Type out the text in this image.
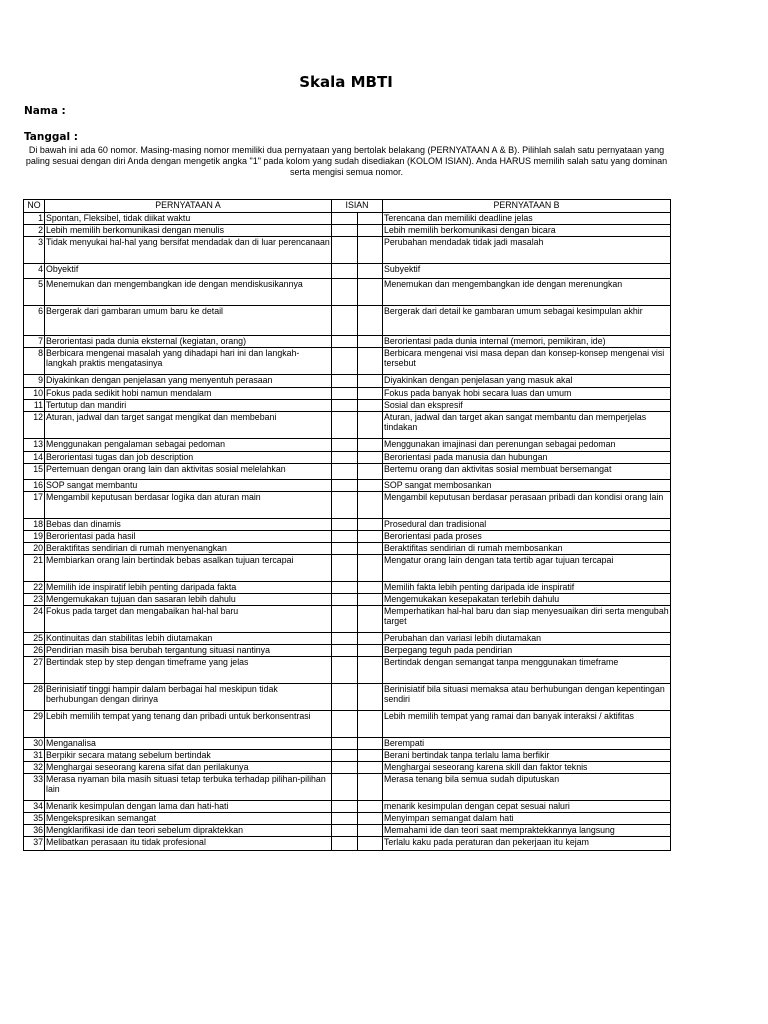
Skala MBTI
Nama :
Tanggal :
Di bawah ini ada 60 nomor. Masing-masing nomor memiliki dua pernyataan yang bertolak belakang (PERNYATAAN A & B). Pilihlah salah satu pernyataan yang paling sesuai dengan diri Anda dengan mengetik angka "1" pada kolom yang sudah disediakan (KOLOM ISIAN). Anda HARUS memilih salah satu yang dominan serta mengisi semua nomor.
NO	PERNYATAAN A	ISIAN		PERNYATAAN B
1	Spontan, Fleksibel, tidak diikat waktu			Terencana dan memiliki deadline jelas
2	Lebih memilih berkomunikasi dengan menulis			Lebih memilih berkomunikasi dengan bicara
3	Tidak menyukai hal-hal yang bersifat mendadak dan di luar perencanaan			Perubahan mendadak tidak jadi masalah
4	Obyektif			Subyektif
5	Menemukan dan mengembangkan ide dengan mendiskusikannya			Menemukan dan mengembangkan ide dengan merenungkan
6	Bergerak dari gambaran umum baru ke detail			Bergerak dari detail ke gambaran umum sebagai kesimpulan akhir
7	Berorientasi pada dunia eksternal (kegiatan, orang)			Berorientasi pada dunia internal (memori, pemikiran, ide)
8	Berbicara mengenai masalah yang dihadapi hari ini dan langkah-langkah praktis mengatasinya			Berbicara mengenai visi masa depan dan konsep-konsep mengenai visi tersebut
9	Diyakinkan dengan penjelasan yang menyentuh perasaan			Diyakinkan dengan penjelasan yang masuk akal
10	Fokus pada sedikit hobi namun mendalam			Fokus pada banyak hobi secara luas dan umum
11	Tertutup dan mandiri			Sosial dan ekspresif
12	Aturan, jadwal dan target sangat mengikat dan membebani			Aturan, jadwal dan target akan sangat membantu dan memperjelas tindakan
13	Menggunakan pengalaman sebagai pedoman			Menggunakan imajinasi dan perenungan sebagai pedoman
14	Berorientasi tugas dan job description			Berorientasi pada manusia dan hubungan
15	Pertemuan dengan orang lain dan aktivitas sosial melelahkan			Bertemu orang dan aktivitas sosial membuat bersemangat
16	SOP sangat membantu			SOP sangat membosankan
17	Mengambil keputusan berdasar logika dan aturan main			Mengambil keputusan berdasar perasaan pribadi dan kondisi orang lain
18	Bebas dan dinamis			Prosedural dan tradisional
19	Berorientasi pada hasil			Berorientasi pada proses
20	Beraktifitas sendirian di rumah menyenangkan			Beraktifitas sendirian di rumah membosankan
21	Membiarkan orang lain bertindak bebas asalkan tujuan tercapai			Mengatur orang lain dengan tata tertib agar tujuan tercapai
22	Memilih ide inspiratif lebih penting daripada fakta			Memilih fakta lebih penting daripada ide inspiratif
23	Mengemukakan tujuan dan sasaran lebih dahulu			Mengemukakan kesepakatan terlebih dahulu
24	Fokus pada target dan mengabaikan hal-hal baru			Memperhatikan hal-hal baru dan siap menyesuaikan diri serta mengubah target
25	Kontinuitas dan stabilitas lebih diutamakan			Perubahan dan variasi lebih diutamakan
26	Pendirian masih bisa berubah tergantung situasi nantinya			Berpegang teguh pada pendirian
27	Bertindak step by step dengan timeframe yang jelas			Bertindak dengan semangat tanpa menggunakan timeframe
28	Berinisiatif tinggi hampir dalam berbagai hal meskipun tidak berhubungan dengan dirinya			Berinisiatif bila situasi memaksa atau berhubungan dengan kepentingan sendiri
29	Lebih memilih tempat yang tenang dan pribadi untuk berkonsentrasi			Lebih memilih tempat yang ramai dan banyak interaksi / aktifitas
30	Menganalisa			Berempati
31	Berpikir secara matang sebelum bertindak			Berani bertindak tanpa terlalu lama berfikir
32	Menghargai seseorang karena sifat dan perilakunya			Menghargai seseorang karena skill dan faktor teknis
33	Merasa nyaman bila masih situasi tetap terbuka terhadap pilihan-pilihan lain			Merasa tenang bila semua sudah diputuskan
34	Menarik kesimpulan dengan lama dan hati-hati			menarik kesimpulan dengan cepat sesuai naluri
35	Mengekspresikan semangat			Menyimpan semangat dalam hati
36	Mengklarifikasi ide dan teori sebelum dipraktekkan			Memahami ide dan teori saat mempraktekkannya langsung
37	Melibatkan perasaan itu tidak profesional			Terlalu kaku pada peraturan dan pekerjaan itu kejam
